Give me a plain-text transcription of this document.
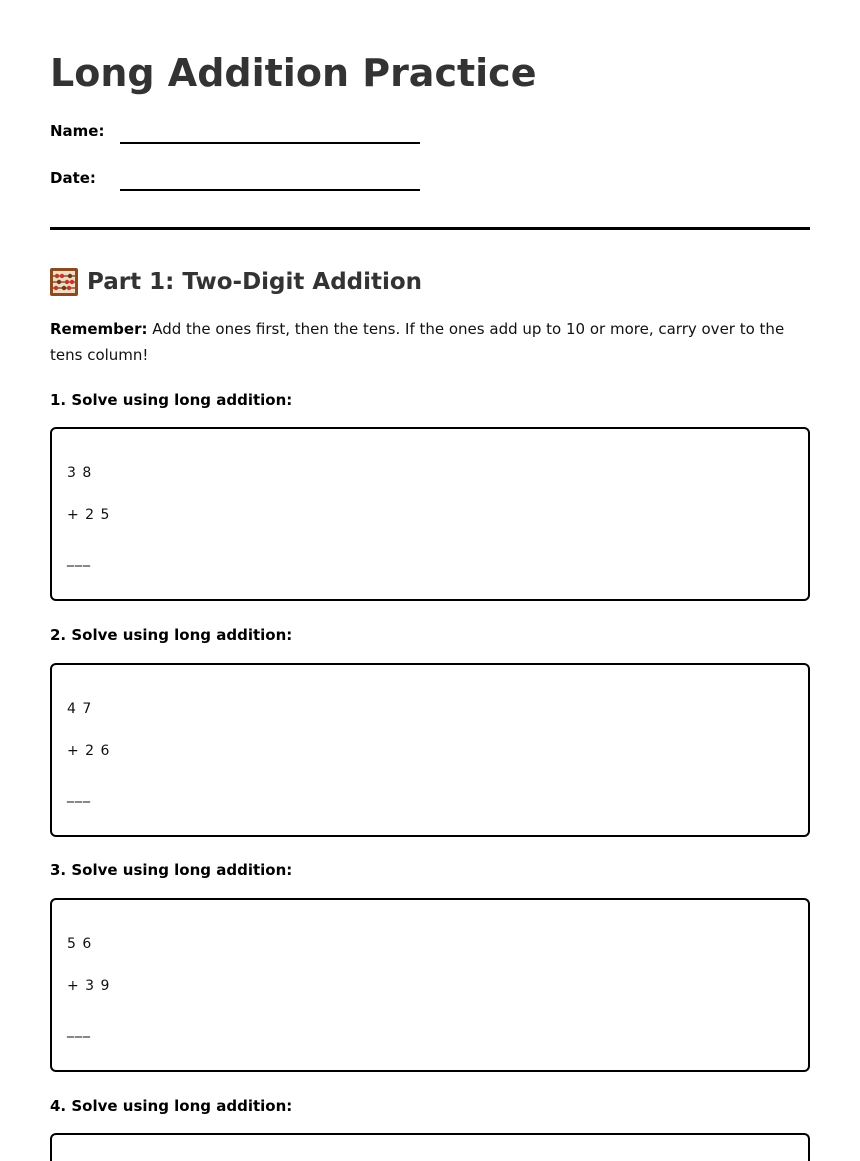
Long Addition Practice
Name:
Date:
Part 1: Two-Digit Addition

Remember: Add the ones first, then the tens. If the ones add up to 10 or more, carry over to the tens column!

1. Solve using long addition:
3 8
+ 2 5
___
2. Solve using long addition:
4 7
+ 2 6
___
3. Solve using long addition:
5 6
+ 3 9
___
4. Solve using long addition:
